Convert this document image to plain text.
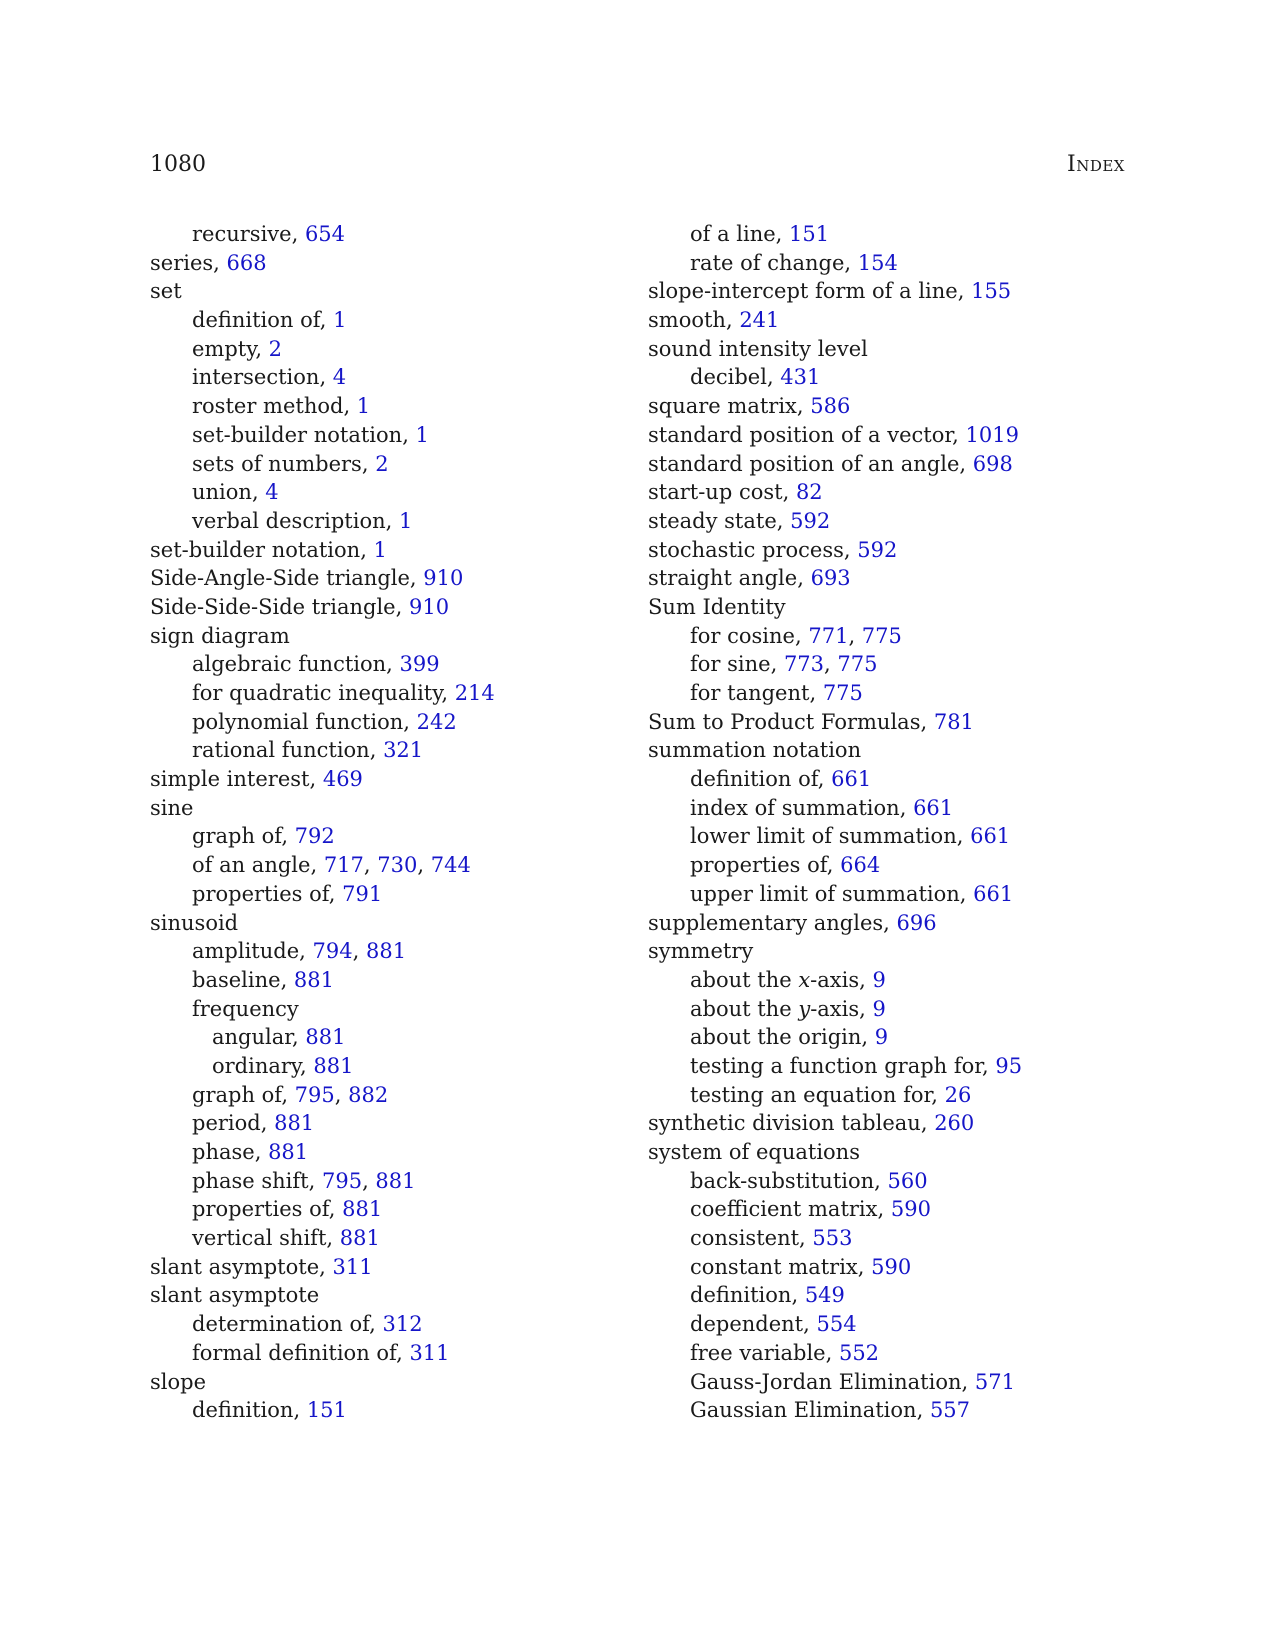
1080	Index
recursive, 654
series, 668
set
definition of, 1
empty, 2
intersection, 4
roster method, 1
set-builder notation, 1
sets of numbers, 2
union, 4
verbal description, 1
set-builder notation, 1
Side-Angle-Side triangle, 910
Side-Side-Side triangle, 910
sign diagram
algebraic function, 399
for quadratic inequality, 214
polynomial function, 242
rational function, 321
simple interest, 469
sine
graph of, 792
of an angle, 717, 730, 744
properties of, 791
sinusoid
amplitude, 794, 881
baseline, 881
frequency
angular, 881
ordinary, 881
graph of, 795, 882
period, 881
phase, 881
phase shift, 795, 881
properties of, 881
vertical shift, 881
slant asymptote, 311
slant asymptote
determination of, 312
formal definition of, 311
slope
definition, 151
of a line, 151
rate of change, 154
slope-intercept form of a line, 155
smooth, 241
sound intensity level
decibel, 431
square matrix, 586
standard position of a vector, 1019
standard position of an angle, 698
start-up cost, 82
steady state, 592
stochastic process, 592
straight angle, 693
Sum Identity
for cosine, 771, 775
for sine, 773, 775
for tangent, 775
Sum to Product Formulas, 781
summation notation
definition of, 661
index of summation, 661
lower limit of summation, 661
properties of, 664
upper limit of summation, 661
supplementary angles, 696
symmetry
about the x-axis, 9
about the y-axis, 9
about the origin, 9
testing a function graph for, 95
testing an equation for, 26
synthetic division tableau, 260
system of equations
back-substitution, 560
coefficient matrix, 590
consistent, 553
constant matrix, 590
definition, 549
dependent, 554
free variable, 552
Gauss-Jordan Elimination, 571
Gaussian Elimination, 557
